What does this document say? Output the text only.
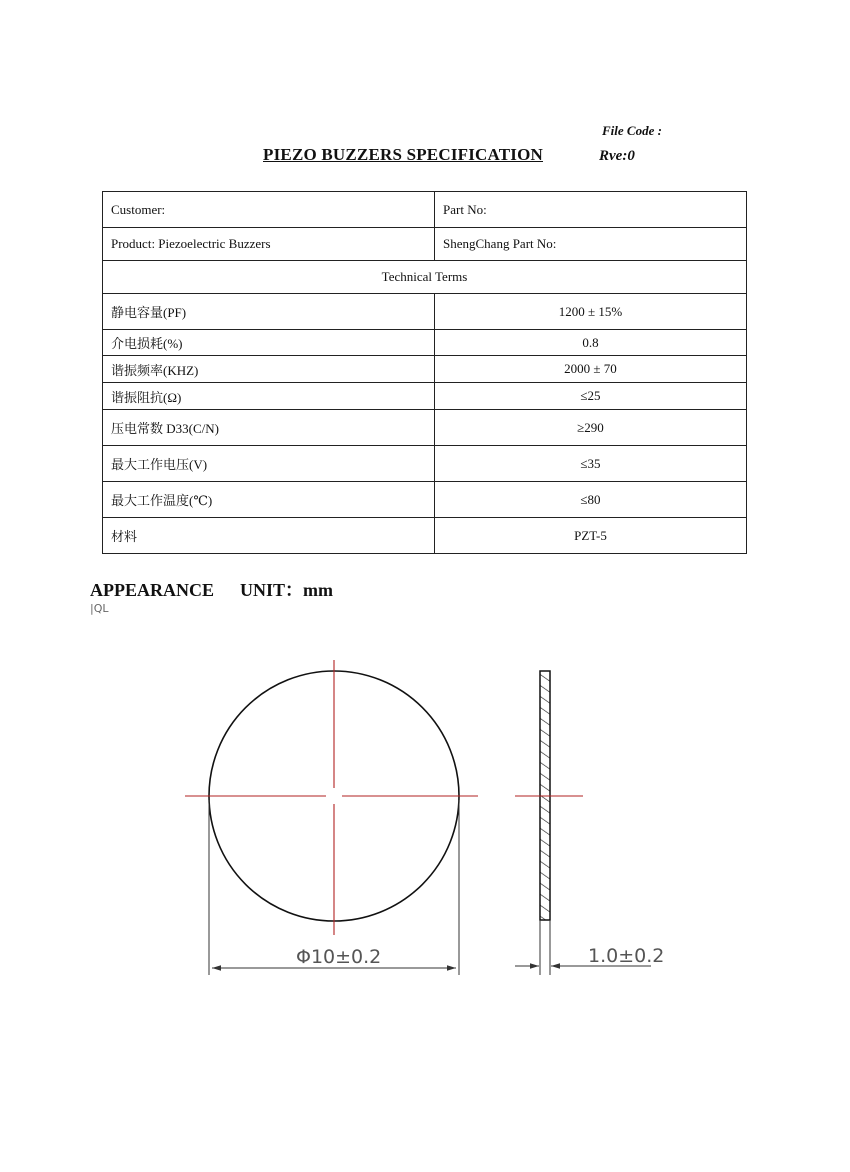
File Code :
PIEZO BUZZERS SPECIFICATION	Rve:0
Customer:	Part No:
Product: Piezoelectric Buzzers	ShengChang Part No:
Technical Terms	
静电容量(PF)	1200 ± 15%
介电损耗(%)	0.8
谐振频率(KHZ)	2000 ± 70
谐振阻抗(Ω)	≤25
压电常数 D33(C/N)	≥290
最大工作电压(V)	≤35
最大工作温度(℃)	≤80
材料	PZT-5
APPEARANCE UNIT：mm
|QL
Φ10±0.2	1.0±0.2
